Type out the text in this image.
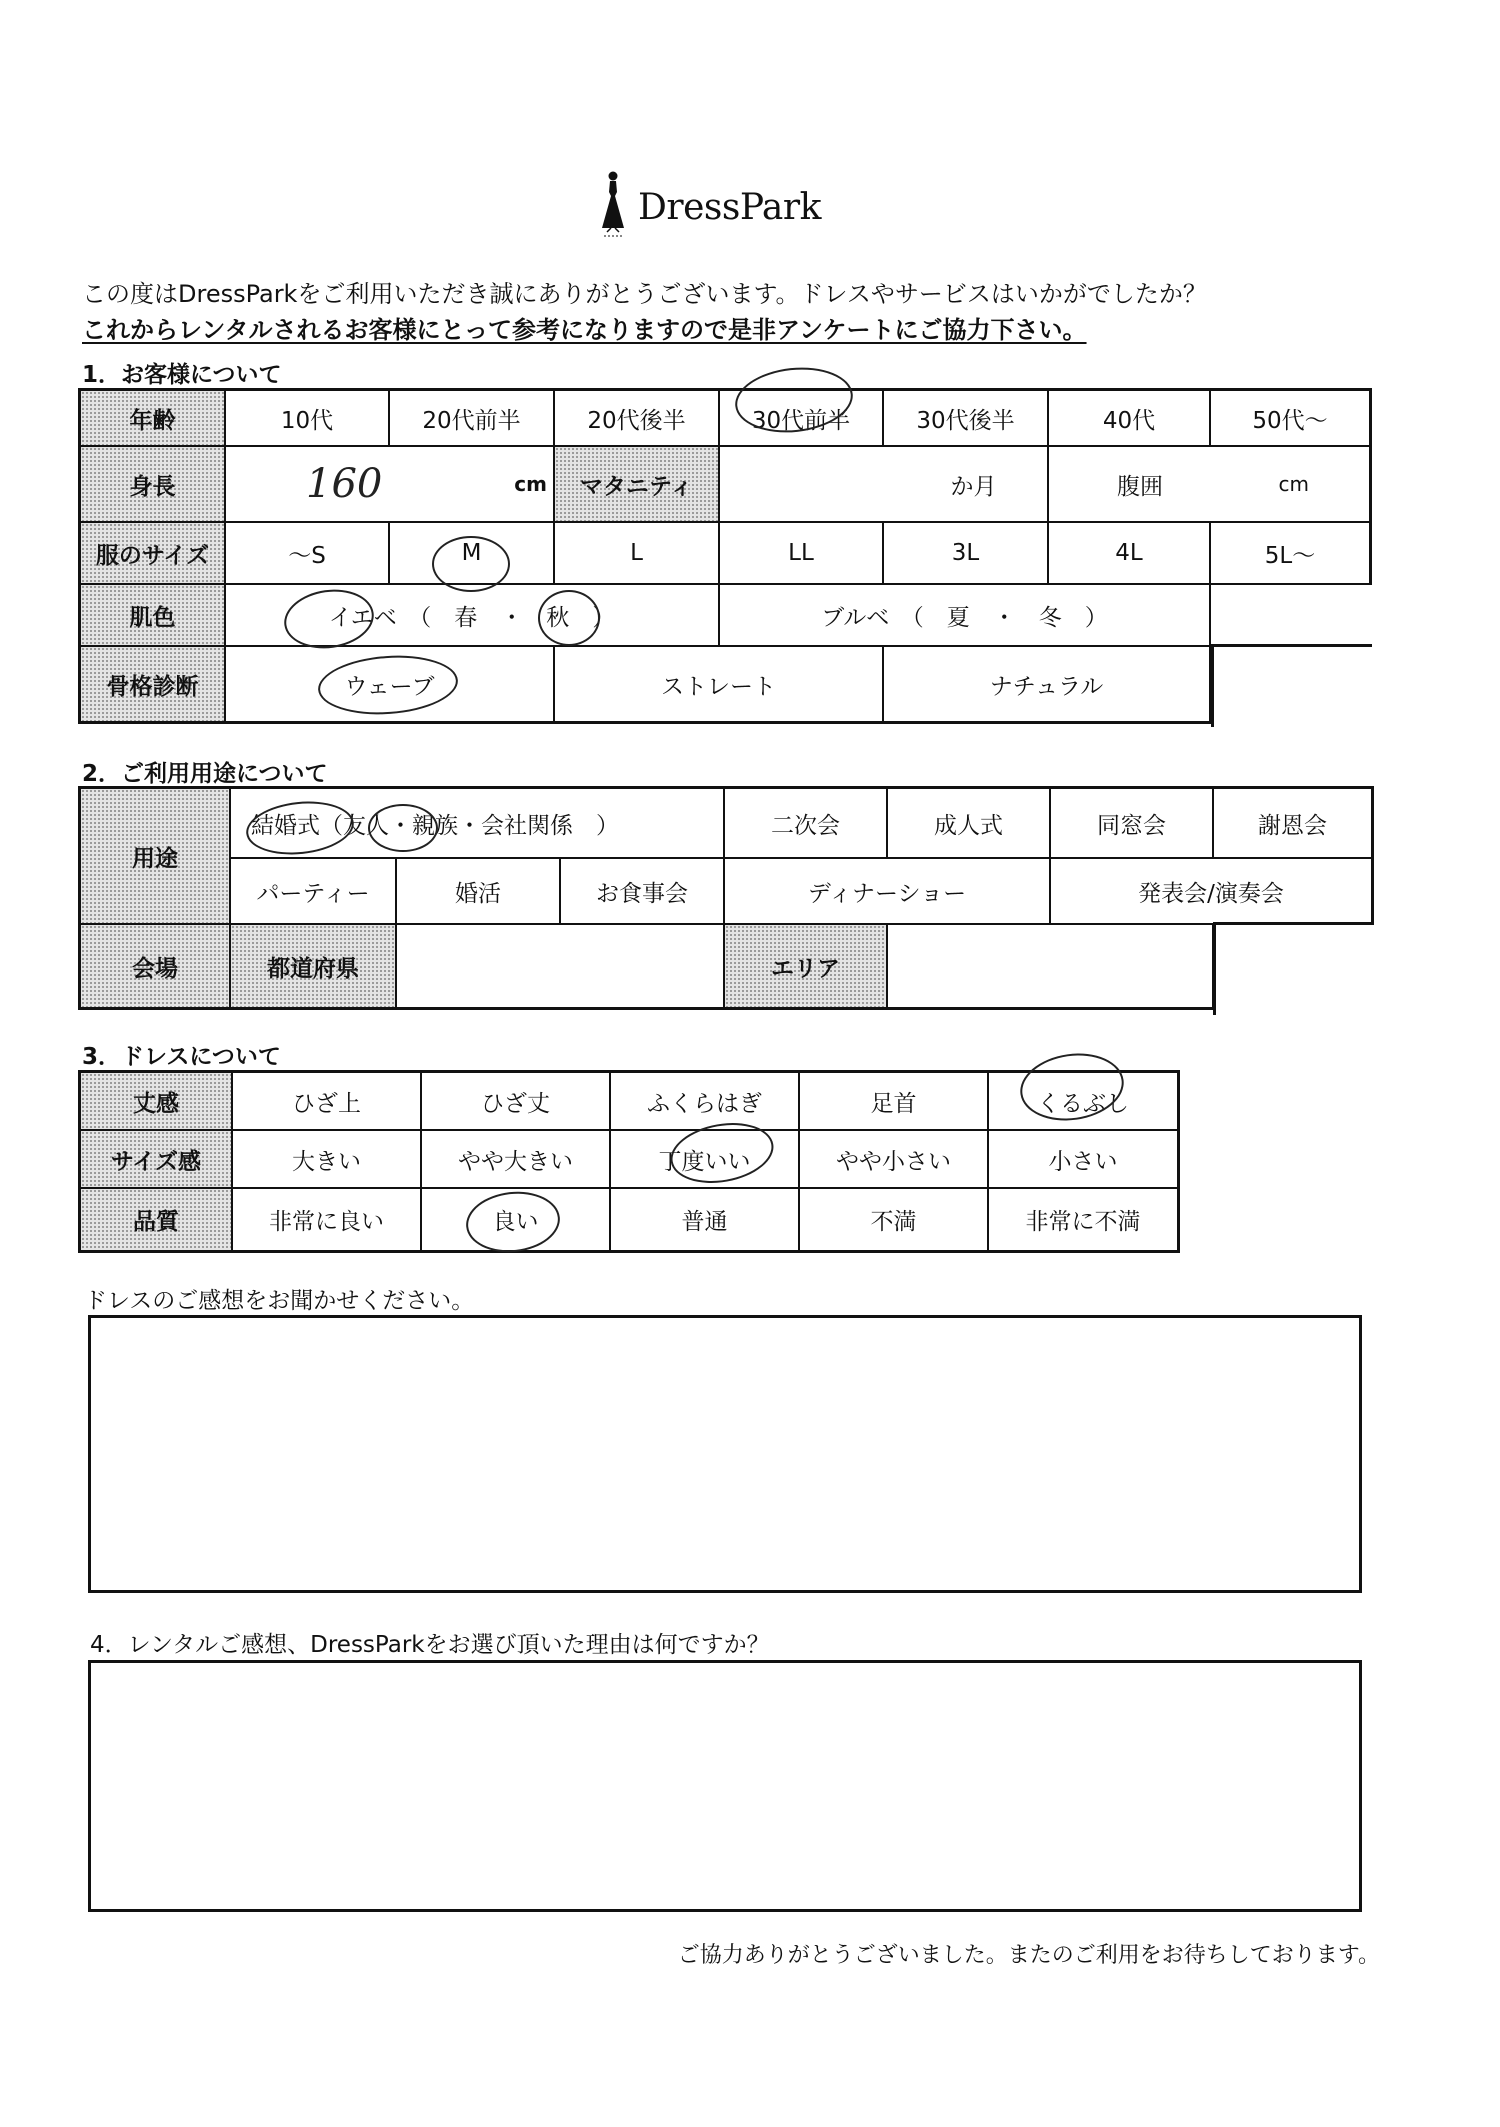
DressPark
この度はDressParkをご利用いただき誠にありがとうございます。ドレスやサービスはいかがでしたか？
これからレンタルされるお客様にとって参考になりますので是非アンケートにご協力下さい。
1．お客様について
年齢	10代	20代前半	20代後半	30代前半	30代後半	40代	50代～
身長	160	cm	マタニティ	か月	腹囲	cm
服のサイズ	～S	M	L	LL	3L	4L	5L～
肌色	イエベ　（　春　・　秋　）	ブルベ　（　夏　・　冬　）
骨格診断	ウェーブ	ストレート	ナチュラル
2．ご利用用途について
用途
結婚式（友人・親族・会社関係　）	二次会	成人式	同窓会	謝恩会
パーティー	婚活	お食事会	ディナーショー	発表会/演奏会
会場	都道府県	エリア
3．ドレスについて
丈感	ひざ上	ひざ丈	ふくらはぎ	足首	くるぶし
サイズ感	大きい	やや大きい	丁度いい	やや小さい	小さい
品質	非常に良い	良い	普通	不満	非常に不満
ドレスのご感想をお聞かせください。
4．レンタルご感想、DressParkをお選び頂いた理由は何ですか？
ご協力ありがとうございました。またのご利用をお待ちしております。
